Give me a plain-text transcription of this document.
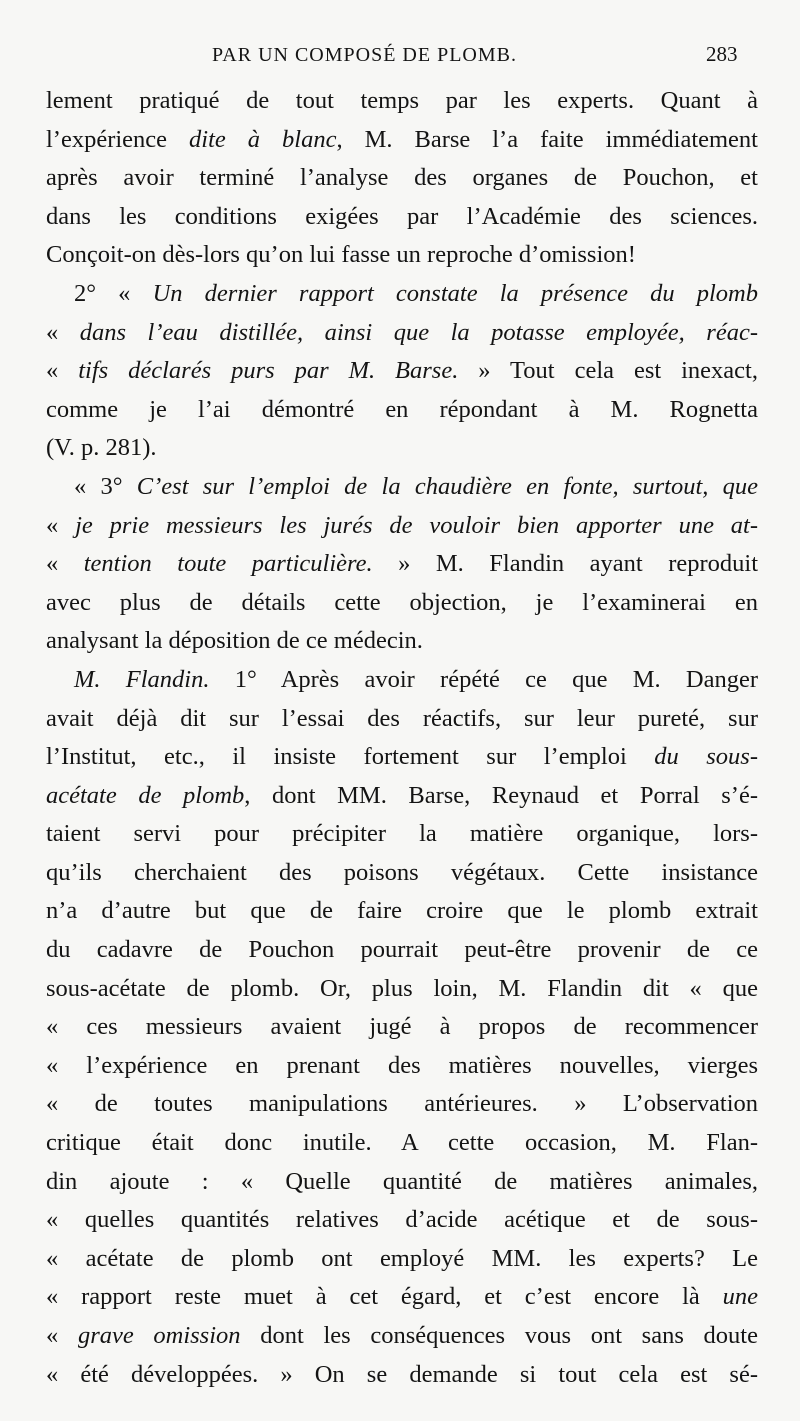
PAR UN COMPOSÉ DE PLOMB.	283
lement pratiqué de tout temps par les experts. Quant à
l’expérience dite à blanc, M. Barse l’a faite immédiatement
après avoir terminé l’analyse des organes de Pouchon, et
dans les conditions exigées par l’Académie des sciences.
Conçoit-on dès-lors qu’on lui fasse un reproche d’omission!
2° « Un dernier rapport constate la présence du plomb
« dans l’eau distillée, ainsi que la potasse employée, réac-
« tifs déclarés purs par M. Barse. » Tout cela est inexact,
comme je l’ai démontré en répondant à M. Rognetta
(V. p. 281).
« 3° C’est sur l’emploi de la chaudière en fonte, surtout, que
« je prie messieurs les jurés de vouloir bien apporter une at-
« tention toute particulière. » M. Flandin ayant reproduit
avec plus de détails cette objection, je l’examinerai en
analysant la déposition de ce médecin.
M. Flandin. 1° Après avoir répété ce que M. Danger
avait déjà dit sur l’essai des réactifs, sur leur pureté, sur
l’Institut, etc., il insiste fortement sur l’emploi du sous-
acétate de plomb, dont MM. Barse, Reynaud et Porral s’é-
taient servi pour précipiter la matière organique, lors-
qu’ils cherchaient des poisons végétaux. Cette insistance
n’a d’autre but que de faire croire que le plomb extrait
du cadavre de Pouchon pourrait peut-être provenir de ce
sous-acétate de plomb. Or, plus loin, M. Flandin dit « que
« ces messieurs avaient jugé à propos de recommencer
« l’expérience en prenant des matières nouvelles, vierges
« de toutes manipulations antérieures. » L’observation
critique était donc inutile. A cette occasion, M. Flan-
din ajoute : « Quelle quantité de matières animales,
« quelles quantités relatives d’acide acétique et de sous-
« acétate de plomb ont employé MM. les experts? Le
« rapport reste muet à cet égard, et c’est encore là une
« grave omission dont les conséquences vous ont sans doute
« été développées. » On se demande si tout cela est sé-
